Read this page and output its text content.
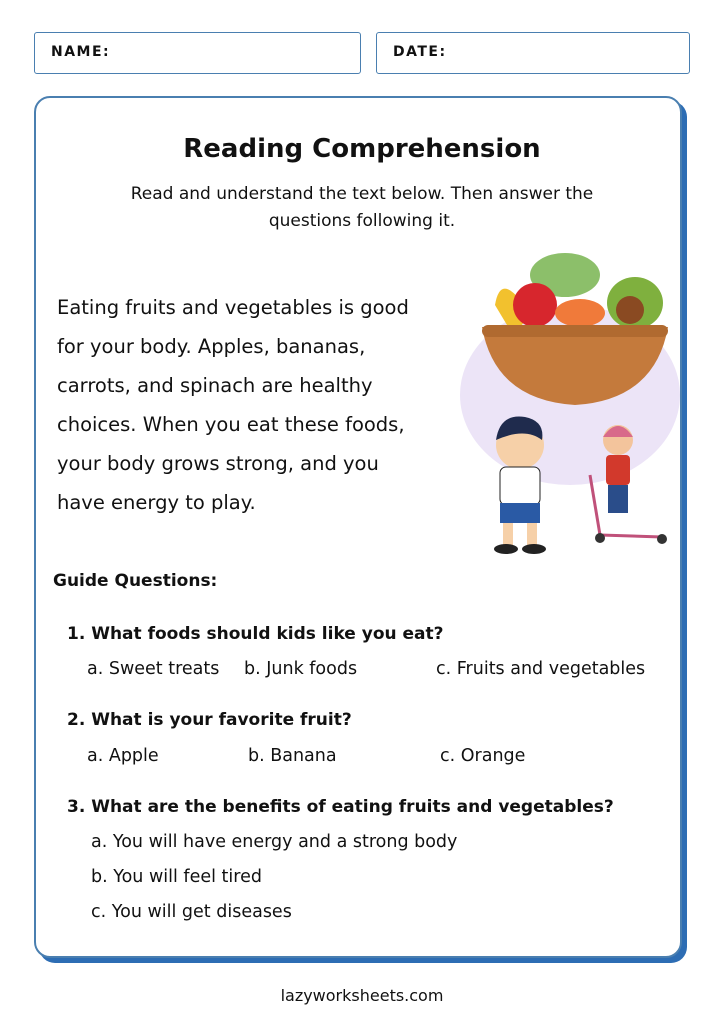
NAME:	DATE:
Reading Comprehension
Read and understand the text below. Then answer the
questions following it.
Eating fruits and vegetables is good
for your body. Apples, bananas,
carrots, and spinach are healthy
choices. When you eat these foods,
your body grows strong, and you
have energy to play.
Guide Questions:
1. What foods should kids like you eat?
a. Sweet treats b. Junk foods	c. Fruits and vegetables
2. What is your favorite fruit?
a. Apple	b. Banana	c. Orange
3. What are the benefits of eating fruits and vegetables?
a. You will have energy and a strong body
b. You will feel tired
c. You will get diseases
lazyworksheets.com
